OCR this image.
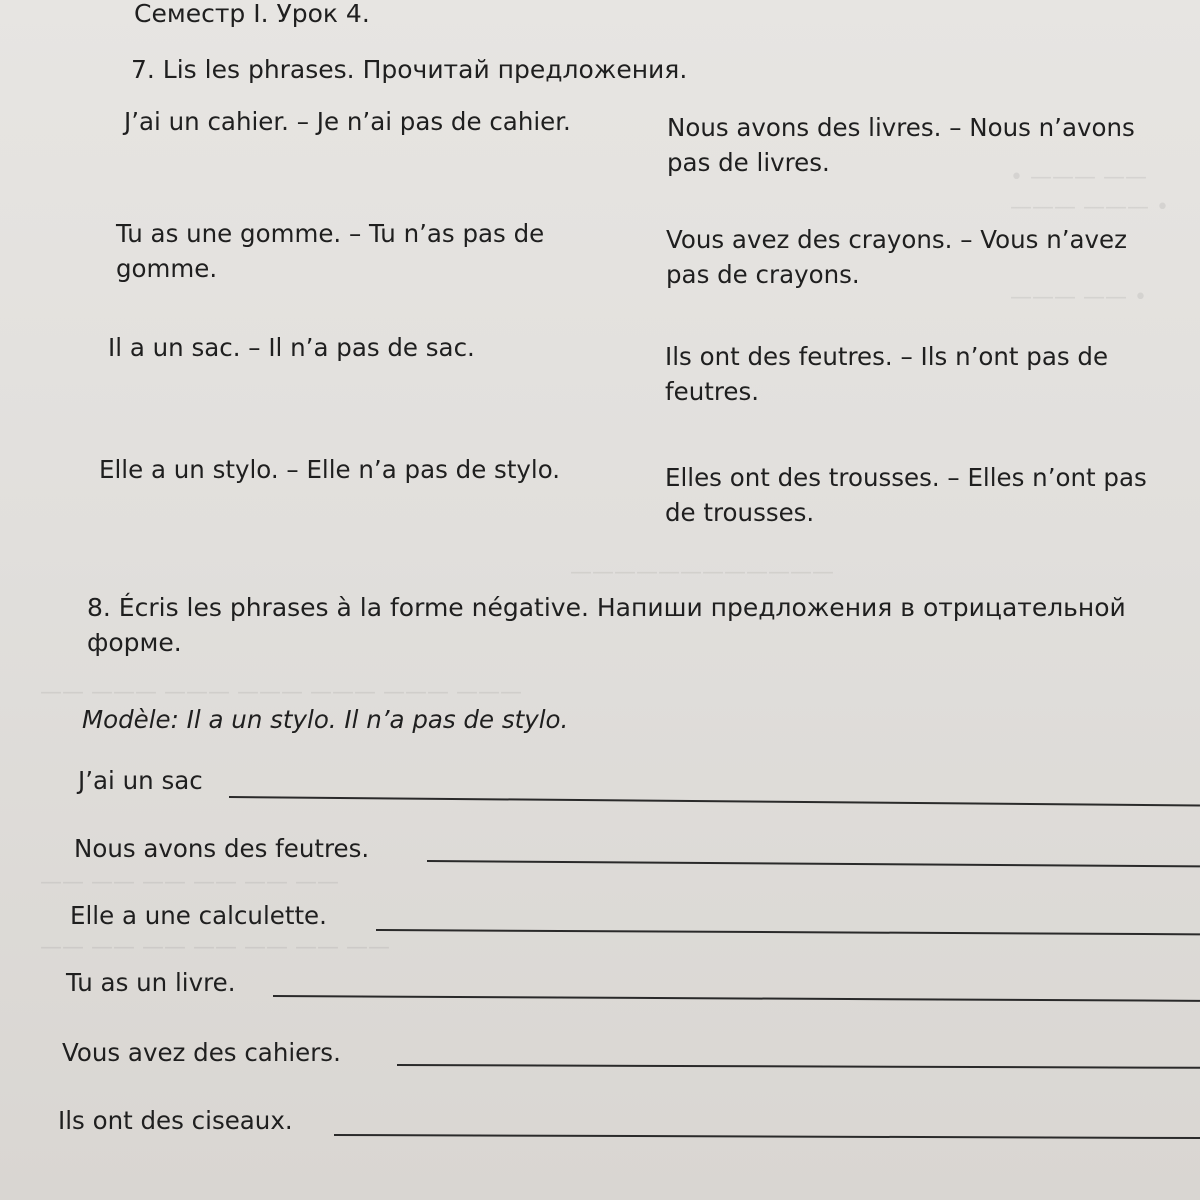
• ——— ——
——— ——— •
——— —— •
————————————
—— ——— ——— ——— ——— ——— ———
—— —— —— —— —— ——
—— —— —— —— —— —— ——
Семестр I. Урок 4.
7. Lis les phrases. Прочитай предложения.
J’ai un cahier. – Je n’ai pas de cahier.
Tu as une gomme. – Tu n’as pas de
gomme.
Il a un sac. – Il n’a pas de sac.
Elle a un stylo. – Elle n’a pas de stylo.
Nous avons des livres. – Nous n’avons
pas de livres.
Vous avez des crayons. – Vous n’avez
pas de crayons.
Ils ont des feutres. – Ils n’ont pas de
feutres.
Elles ont des trousses. – Elles n’ont pas
de trousses.
8. Écris les phrases à la forme négative. Напиши предложения в отрицательной
форме.
Modèle: Il a un stylo. Il n’a pas de stylo.
J’ai un sac
Nous avons des feutres.
Elle a une calculette.
Tu as un livre.
Vous avez des cahiers.
Ils ont des ciseaux.
